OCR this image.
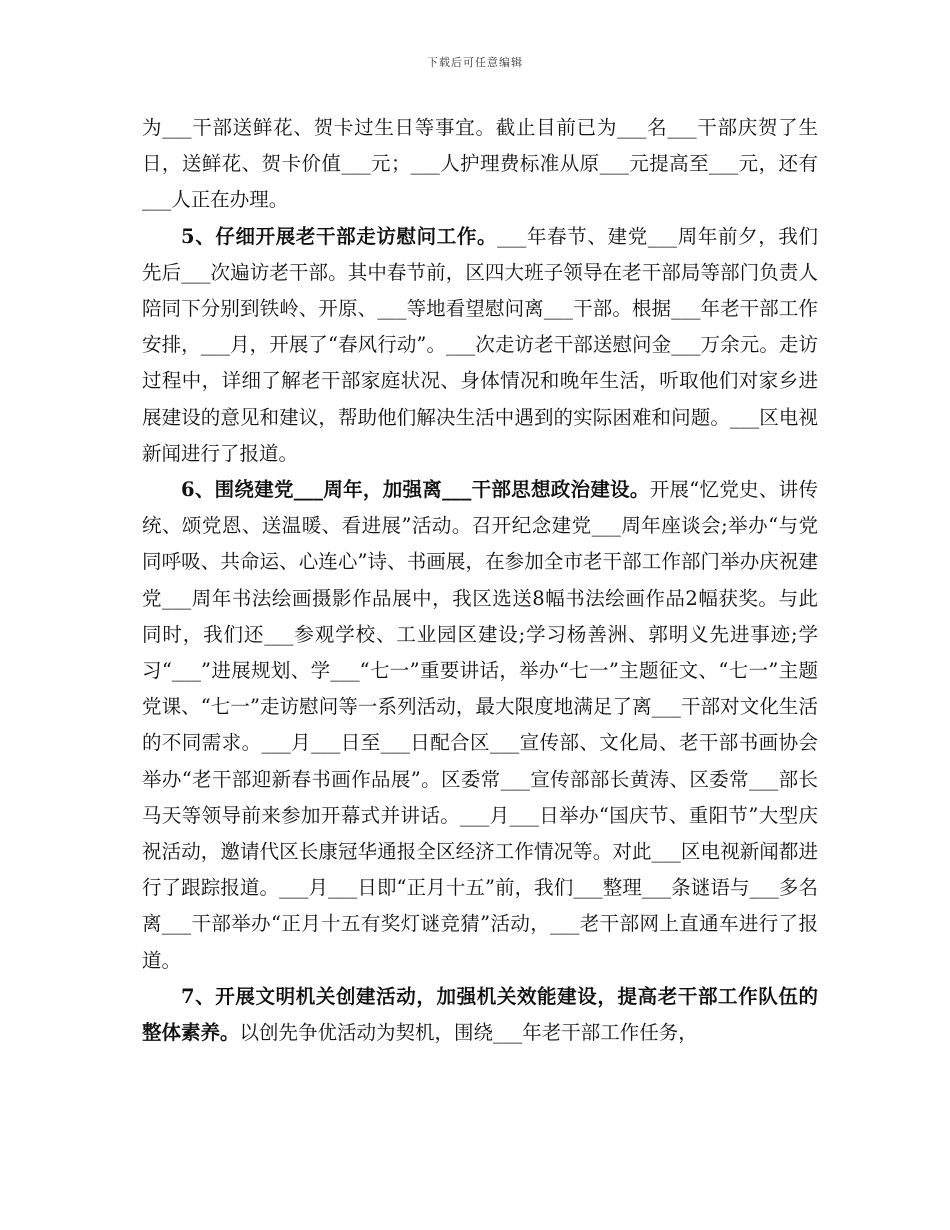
下载后可任意编辑

为___干部送鲜花、贺卡过生日等事宜。截止目前已为___名___干部庆贺了生日，送鲜花、贺卡价值___元；___人护理费标准从原___元提高至___元，还有___人正在办理。

5、仔细开展老干部走访慰问工作。___年春节、建党___周年前夕，我们先后___次遍访老干部。其中春节前，区四大班子领导在老干部局等部门负责人陪同下分别到铁岭、开原、___等地看望慰问离___干部。根据___年老干部工作安排，___月，开展了“春风行动”。___次走访老干部送慰问金___万余元。走访过程中，详细了解老干部家庭状况、身体情况和晚年生活，听取他们对家乡进展建设的意见和建议，帮助他们解决生活中遇到的实际困难和问题。___区电视新闻进行了报道。

6、围绕建党___周年，加强离___干部思想政治建设。开展“忆党史、讲传统、颂党恩、送温暖、看进展”活动。召开纪念建党___周年座谈会;举办“与党同呼吸、共命运、心连心”诗、书画展，在参加全市老干部工作部门举办庆祝建党___周年书法绘画摄影作品展中，我区选送8幅书法绘画作品2幅获奖。与此同时，我们还___参观学校、工业园区建设;学习杨善洲、郭明义先进事迹;学习“___”进展规划、学___“七一”重要讲话，举办“七一”主题征文、“七一”主题党课、“七一”走访慰问等一系列活动，最大限度地满足了离___干部对文化生活的不同需求。___月___日至___日配合区___宣传部、文化局、老干部书画协会举办“老干部迎新春书画作品展”。区委常___宣传部部长黄涛、区委常___部长马天等领导前来参加开幕式并讲话。___月___日举办“国庆节、重阳节”大型庆祝活动，邀请代区长康冠华通报全区经济工作情况等。对此___区电视新闻都进行了跟踪报道。___月___日即“正月十五”前，我们___整理___条谜语与___多名离___干部举办“正月十五有奖灯谜竞猜”活动，___老干部网上直通车进行了报道。

7、开展文明机关创建活动，加强机关效能建设，提高老干部工作队伍的整体素养。以创先争优活动为契机，围绕___年老干部工作任务，
